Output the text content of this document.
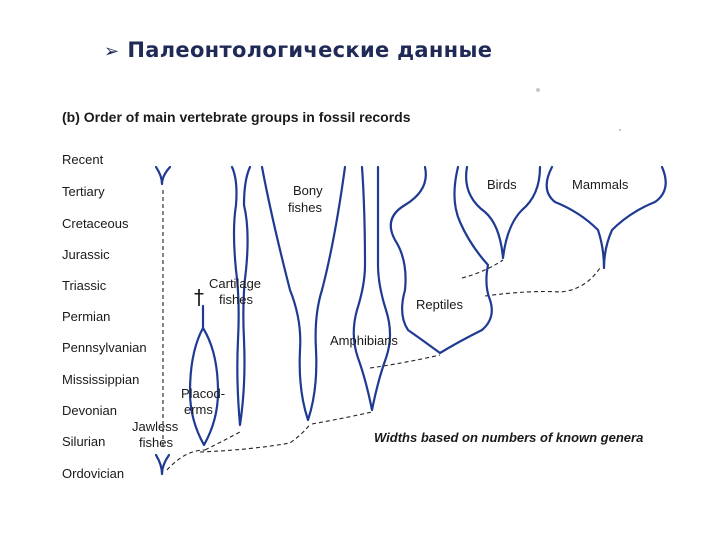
➢ Палеонтологические данные
(b) Order of main vertebrate groups in fossil records
Recent
Tertiary
Cretaceous
Jurassic
Triassic
Permian
Pennsylvanian
Mississippian
Devonian
Silurian
Ordovician
Bony
fishes
Birds	Mammals
Cartilage
fishes	Reptiles
Amphibians
Placod-
erms
Jawless
fishes
†
Widths based on numbers of known genera
